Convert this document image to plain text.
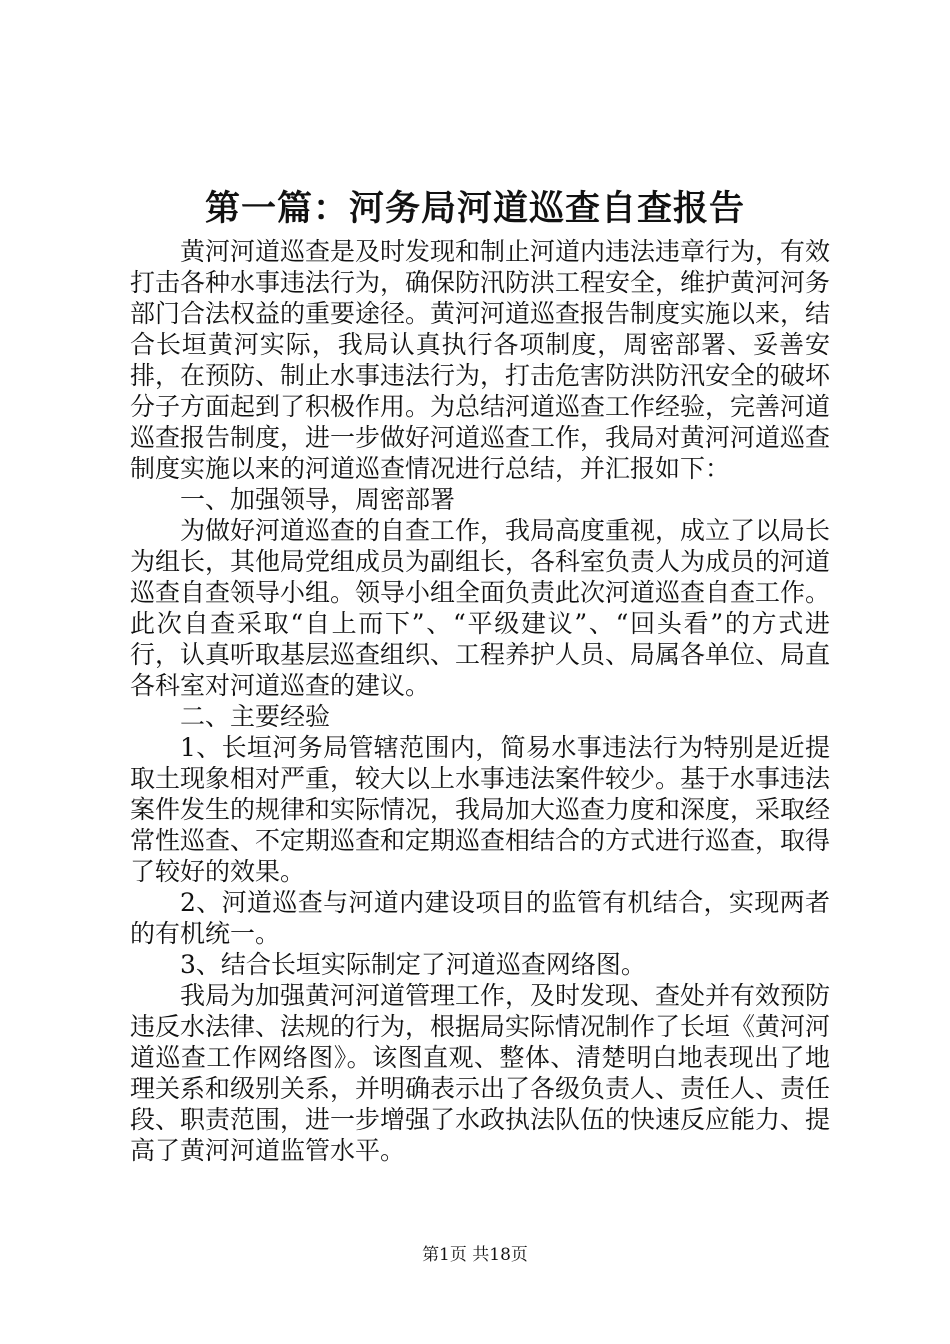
第一篇：河务局河道巡查自查报告

黄河河道巡查是及时发现和制止河道内违法违章行为，有效打击各种水事违法行为，确保防汛防洪工程安全，维护黄河河务部门合法权益的重要途径。黄河河道巡查报告制度实施以来，结合长垣黄河实际，我局认真执行各项制度，周密部署、妥善安排，在预防、制止水事违法行为，打击危害防洪防汛安全的破坏分子方面起到了积极作用。为总结河道巡查工作经验，完善河道巡查报告制度，进一步做好河道巡查工作，我局对黄河河道巡查制度实施以来的河道巡查情况进行总结，并汇报如下：

一、加强领导，周密部署

为做好河道巡查的自查工作，我局高度重视，成立了以局长为组长，其他局党组成员为副组长，各科室负责人为成员的河道巡查自查领导小组。领导小组全面负责此次河道巡查自查工作。此次自查采取“自上而下”、“平级建议”、“回头看”的方式进行，认真听取基层巡查组织、工程养护人员、局属各单位、局直各科室对河道巡查的建议。

二、主要经验

1、长垣河务局管辖范围内，简易水事违法行为特别是近提取土现象相对严重，较大以上水事违法案件较少。基于水事违法案件发生的规律和实际情况，我局加大巡查力度和深度，采取经常性巡查、不定期巡查和定期巡查相结合的方式进行巡查，取得了较好的效果。

2、河道巡查与河道内建设项目的监管有机结合，实现两者的有机统一。

3、结合长垣实际制定了河道巡查网络图。

我局为加强黄河河道管理工作，及时发现、查处并有效预防违反水法律、法规的行为，根据局实际情况制作了长垣《黄河河道巡查工作网络图》。该图直观、整体、清楚明白地表现出了地理关系和级别关系，并明确表示出了各级负责人、责任人、责任段、职责范围，进一步增强了水政执法队伍的快速反应能力、提高了黄河河道监管水平。

第1页 共18页
